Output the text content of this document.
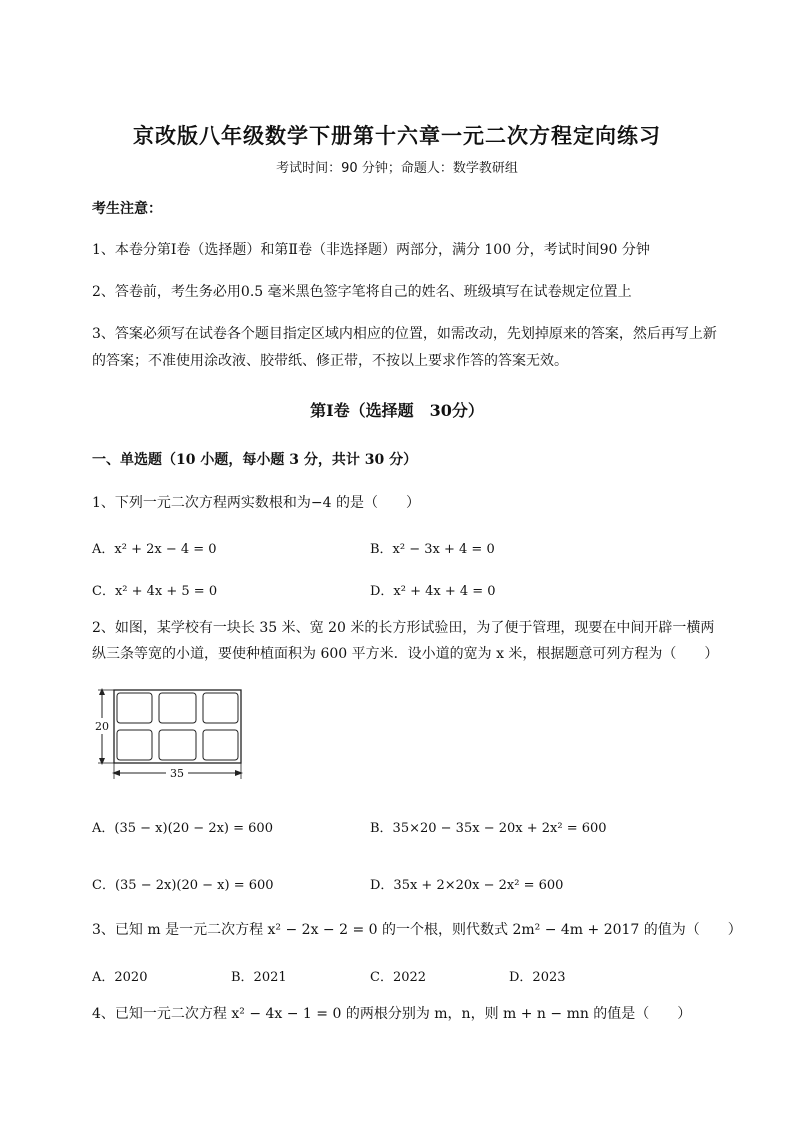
京改版八年级数学下册第十六章一元二次方程定向练习
考试时间：90 分钟；命题人：数学教研组
考生注意：
1、本卷分第Ⅰ卷（选择题）和第Ⅱ卷（非选择题）两部分，满分 100 分，考试时间90 分钟
2、答卷前，考生务必用0.5 毫米黑色签字笔将自己的姓名、班级填写在试卷规定位置上
3、答案必须写在试卷各个题目指定区域内相应的位置，如需改动，先划掉原来的答案，然后再写上新
的答案；不准使用涂改液、胶带纸、修正带，不按以上要求作答的答案无效。
第Ⅰ卷（选择题　30分）
一、单选题（10 小题，每小题 3 分，共计 30 分）
1、下列一元二次方程两实数根和为−4 的是（　　）
A．x² + 2x − 4 = 0	B．x² − 3x + 4 = 0
C．x² + 4x + 5 = 0	D．x² + 4x + 4 = 0
2、如图，某学校有一块长 35 米、宽 20 米的长方形试验田，为了便于管理，现要在中间开辟一横两
纵三条等宽的小道，要使种植面积为 600 平方米．设小道的宽为 x 米，根据题意可列方程为（　　）
20
35
A．(35 − x)(20 − 2x) = 600	B．35×20 − 35x − 20x + 2x² = 600
C．(35 − 2x)(20 − x) = 600	D．35x + 2×20x − 2x² = 600
3、已知 m 是一元二次方程 x² − 2x − 2 = 0 的一个根，则代数式 2m² − 4m + 2017 的值为（　　）
A．2020	B．2021	C．2022	D．2023
4、已知一元二次方程 x² − 4x − 1 = 0 的两根分别为 m，n，则 m + n − mn 的值是（　　）
